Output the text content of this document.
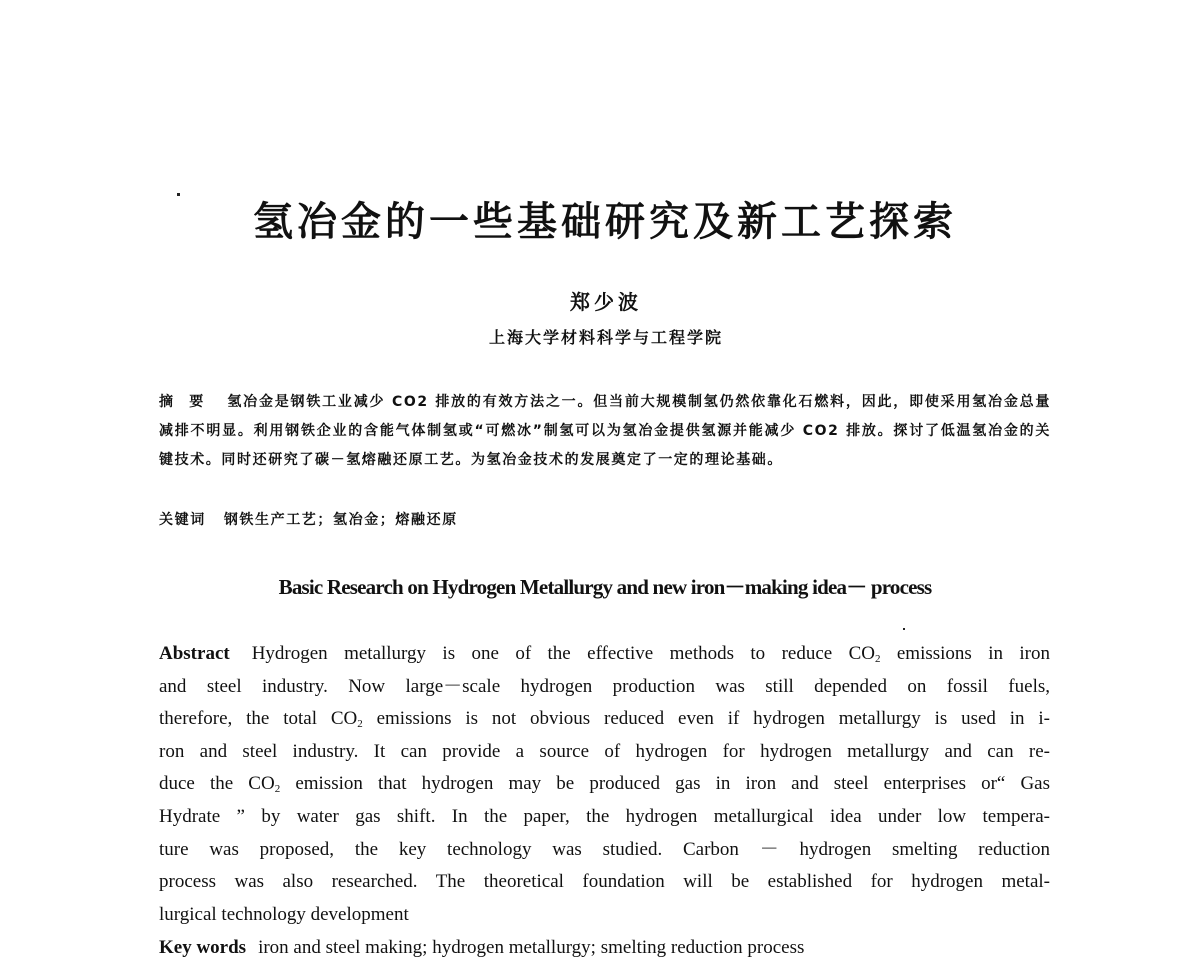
氢冶金的一些基础研究及新工艺探索
郑少波
上海大学材料科学与工程学院
摘要 氢冶金是钢铁工业减少 CO2 排放的有效方法之一。但当前大规模制氢仍然依靠化石燃料，因此，即使采用氢冶金总量减排不明显。利用钢铁企业的含能气体制氢或“可燃冰”制氢可以为氢冶金提供氢源并能减少 CO2 排放。探讨了低温氢冶金的关键技术。同时还研究了碳－氢熔融还原工艺。为氢冶金技术的发展奠定了一定的理论基础。
关键词 钢铁生产工艺；氢冶金；熔融还原
Basic Research on Hydrogen Metallurgy and new iron－making idea－ process
Abstract Hydrogen metallurgy is one of the effective methods to reduce $CO_2$ emissions in iron
and steel industry. Now large－scale hydrogen production was still depended on fossil fuels,
therefore, the total $CO_2$ emissions is not obvious reduced even if hydrogen metallurgy is used in i-
ron and steel industry. It can provide a source of hydrogen for hydrogen metallurgy and can re-
duce the $CO_2$ emission that hydrogen may be produced gas in iron and steel enterprises or“ Gas
Hydrate ” by water gas shift. In the paper, the hydrogen metallurgical idea under low tempera-
ture was proposed, the key technology was studied. Carbon － hydrogen smelting reduction
process was also researched. The theoretical foundation will be established for hydrogen metal-
lurgical technology development
Key words iron and steel making; hydrogen metallurgy; smelting reduction process
